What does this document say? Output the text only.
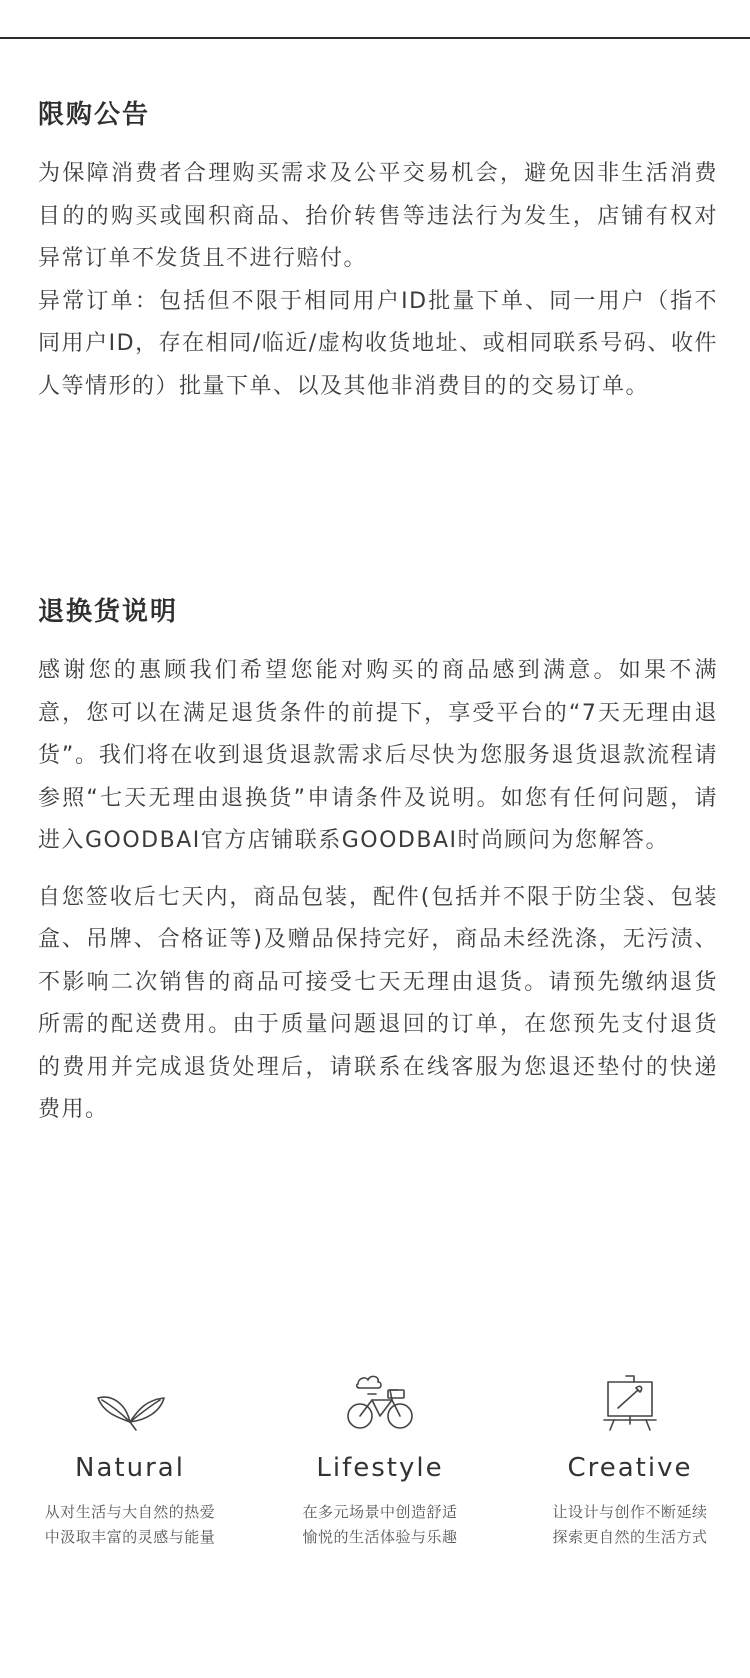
限购公告

为保障消费者合理购买需求及公平交易机会，避免因非生活消费目的的购买或囤积商品、抬价转售等违法行为发生，店铺有权对异常订单不发货且不进行赔付。

异常订单：包括但不限于相同用户ID批量下单、同一用户（指不同用户ID，存在相同/临近/虚构收货地址、或相同联系号码、收件人等情形的）批量下单、以及其他非消费目的的交易订单。

退换货说明

感谢您的惠顾我们希望您能对购买的商品感到满意。如果不满意，您可以在满足退货条件的前提下，享受平台的“7天无理由退货”。我们将在收到退货退款需求后尽快为您服务退货退款流程请参照“七天无理由退换货”申请条件及说明。如您有任何问题，请进入GOODBAI官方店铺联系GOODBAI时尚顾问为您解答。

自您签收后七天内，商品包装，配件(包括并不限于防尘袋、包装盒、吊牌、合格证等)及赠品保持完好，商品未经洗涤，无污渍、不影响二次销售的商品可接受七天无理由退货。请预先缴纳退货所需的配送费用。由于质量问题退回的订单，在您预先支付退货的费用并完成退货处理后，请联系在线客服为您退还垫付的快递费用。

Natural
从对生活与大自然的热爱
中汲取丰富的灵感与能量
Lifestyle
在多元场景中创造舒适
愉悦的生活体验与乐趣
Creative
让设计与创作不断延续
探索更自然的生活方式
